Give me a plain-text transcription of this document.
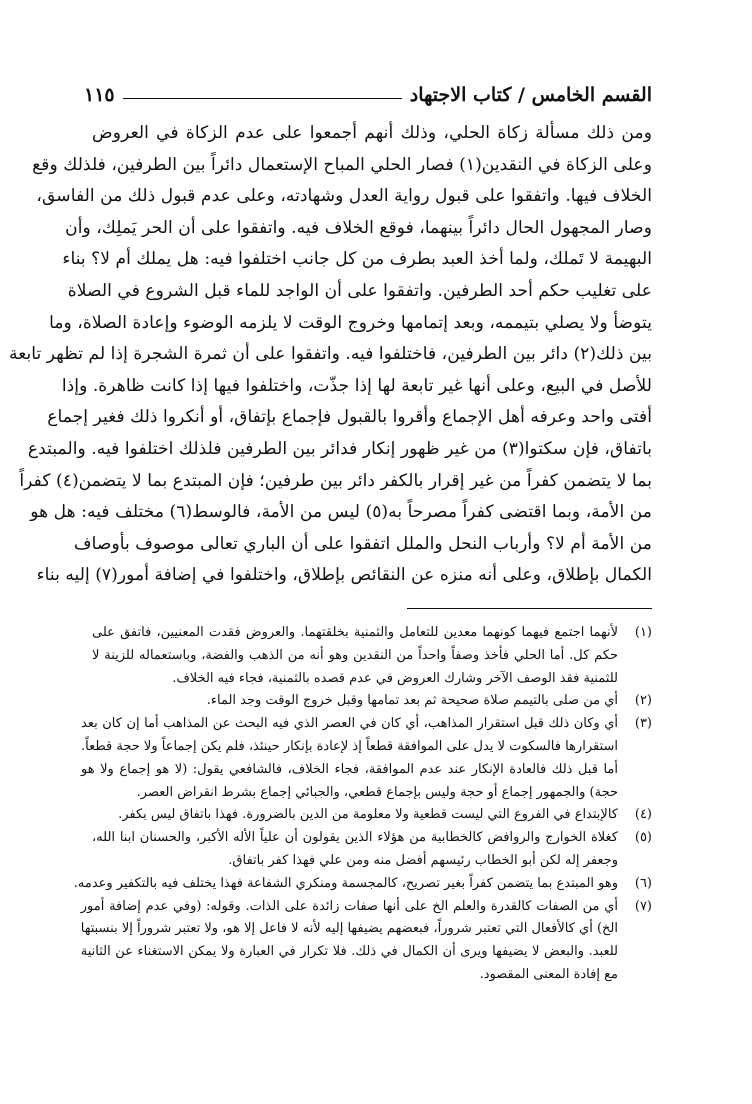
القسم الخامس / كتاب الاجتهاد
١١٥
ومن ذلك مسألة زكاة الحلي، وذلك أنهم أجمعوا على عدم الزكاة في العروض
وعلى الزكاة في النقدين(١) فصار الحلي المباح الإستعمال دائراً بين الطرفين، فلذلك وقع
الخلاف فيها. واتفقوا على قبول رواية العدل وشهادته، وعلى عدم قبول ذلك من الفاسق،
وصار المجهول الحال دائراً بينهما، فوقع الخلاف فيه. واتفقوا على أن الحر يَملِك، وأن
البهيمة لا تَملك، ولما أخذ العبد بطرف من كل جانب اختلفوا فيه: هل يملك أم لا؟ بناء
على تغليب حكم أحد الطرفين. واتفقوا على أن الواجد للماء قبل الشروع في الصلاة
يتوضأ ولا يصلي بتيممه، وبعد إتمامها وخروج الوقت لا يلزمه الوضوء وإعادة الصلاة، وما
بين ذلك(٢) دائر بين الطرفين، فاختلفوا فيه. واتفقوا على أن ثمرة الشجرة إذا لم تظهر تابعة
للأصل في البيع، وعلى أنها غير تابعة لها إذا جذّت، واختلفوا فيها إذا كانت ظاهرة. وإذا
أفتى واحد وعرفه أهل الإجماع وأقروا بالقبول فإجماع بإتفاق، أو أنكروا ذلك فغير إجماع
باتفاق، فإن سكتوا(٣) من غير ظهور إنكار فدائر بين الطرفين فلذلك اختلفوا فيه. والمبتدع
بما لا يتضمن كفراً من غير إقرار بالكفر دائر بين طرفين؛ فإن المبتدع بما لا يتضمن(٤) كفراً
من الأمة، وبما اقتضى كفراً مصرحاً به(٥) ليس من الأمة، فالوسط(٦) مختلف فيه: هل هو
من الأمة أم لا؟ وأرباب النحل والملل اتفقوا على أن الباري تعالى موصوف بأوصاف
الكمال بإطلاق، وعلى أنه منزه عن النقائص بإطلاق، واختلفوا في إضافة أمور(٧) إليه بناء
(١)
لأنهما اجتمع فيهما كونهما معدين للتعامل والثمنية بخلقتهما. والعروض فقدت المعنيين، فاتفق على
حكم كل. أما الحلي فأخذ وصفاً واحداً من النقدين وهو أنه من الذهب والفضة، وباستعماله للزينة لا
للثمنية فقد الوصف الآخر وشارك العروض في عدم قصده بالثمنية، فجاء فيه الخلاف.
(٢)
أي من صلى بالتيمم صلاة صحيحة ثم بعد تمامها وقبل خروج الوقت وجد الماء.
(٣)
أي وكان ذلك قبل استقرار المذاهب، أي كان في العصر الذي فيه البحث عن المذاهب أما إن كان بعد
استقرارها فالسكوت لا يدل على الموافقة قطعاً إذ لإعادة بإنكار حينئذ، فلم يكن إجماعاً ولا حجة قطعاً.
أما قبل ذلك فالعادة الإنكار عند عدم الموافقة، فجاء الخلاف، فالشافعي يقول: (لا هو إجماع ولا هو
حجة) والجمهور إجماع أو حجة وليس بإجماع قطعي، والجبائي إجماع بشرط انقراض العصر.
(٤)
كالإبتداع في الفروع التي ليست قطعية ولا معلومة من الدين بالضرورة. فهذا باتفاق ليس بكفر.
(٥)
كغلاة الخوارج والروافض كالخطابية من هؤلاء الذين يقولون أن علياً الأله الأكبر، والحسنان ابنا الله،
وجعفر إله لكن أبو الخطاب رئيسهم أفضل منه ومن علي فهذا كفر باتفاق.
(٦)
وهو المبتدع بما يتضمن كفراً بغير تصريح، كالمجسمة ومنكري الشفاعة فهذا يختلف فيه بالتكفير وعدمه.
(٧)
أي من الصفات كالقدرة والعلم الخ على أنها صفات زائدة على الذات. وقوله: (وفي عدم إضافة أمور
الخ) أي كالأفعال التي تعتبر شروراً، فبعضهم يضيفها إليه لأنه لا فاعل إلا هو، ولا تعتبر شروراً إلا بنسبتها
للعبد. والبعض لا يضيفها ويرى أن الكمال في ذلك. فلا تكرار في العبارة ولا يمكن الاستغناء عن الثانية
مع إفادة المعنى المقصود.
